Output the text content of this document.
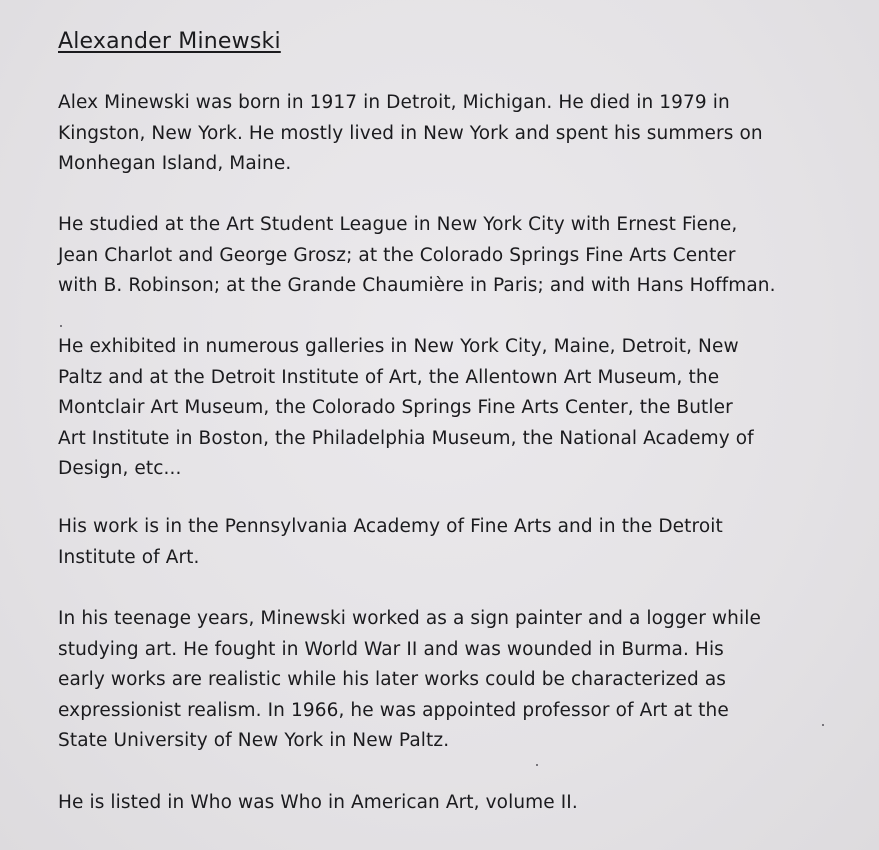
Alexander Minewski

Alex Minewski was born in 1917 in Detroit, Michigan. He died in 1979 in
Kingston, New York. He mostly lived in New York and spent his summers on
Monhegan Island, Maine.

He studied at the Art Student League in New York City with Ernest Fiene,
Jean Charlot and George Grosz; at the Colorado Springs Fine Arts Center
with B. Robinson; at the Grande Chaumière in Paris; and with Hans Hoffman.

He exhibited in numerous galleries in New York City, Maine, Detroit, New
Paltz and at the Detroit Institute of Art, the Allentown Art Museum, the
Montclair Art Museum, the Colorado Springs Fine Arts Center, the Butler
Art Institute in Boston, the Philadelphia Museum, the National Academy of
Design, etc...

His work is in the Pennsylvania Academy of Fine Arts and in the Detroit
Institute of Art.

In his teenage years, Minewski worked as a sign painter and a logger while
studying art. He fought in World War II and was wounded in Burma. His
early works are realistic while his later works could be characterized as
expressionist realism. In 1966, he was appointed professor of Art at the
State University of New York in New Paltz.

He is listed in Who was Who in American Art, volume II.
